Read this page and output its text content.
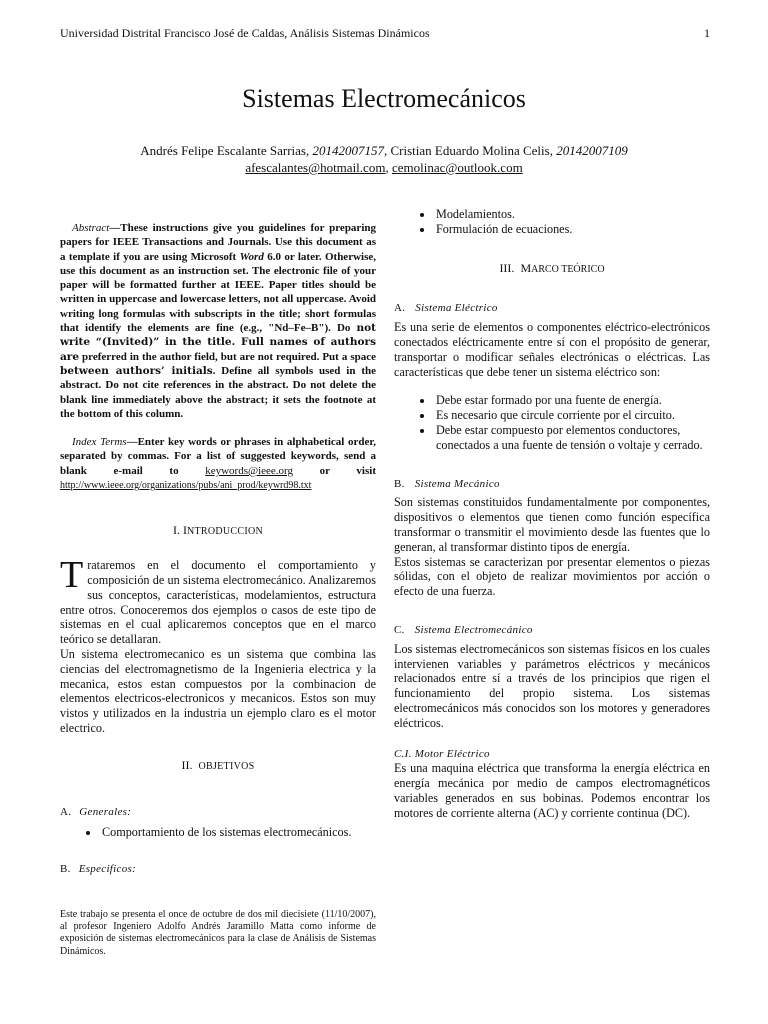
Universidad Distrital Francisco José de Caldas, Análisis Sistemas Dinámicos	1
Sistemas Electromecánicos
Andrés Felipe Escalante Sarrias, 20142007157, Cristian Eduardo Molina Celis, 20142007109
afescalantes@hotmail.com, cemolinac@outlook.com
Abstract—These instructions give you guidelines for preparing papers for IEEE Transactions and Journals. Use this document as a template if you are using Microsoft Word 6.0 or later. Otherwise, use this document as an instruction set. The electronic file of your paper will be formatted further at IEEE. Paper titles should be written in uppercase and lowercase letters, not all uppercase. Avoid writing long formulas with subscripts in the title; short formulas that identify the elements are fine (e.g., "Nd–Fe–B"). Do not write “(Invited)” in the title. Full names of authors are preferred in the author field, but are not required. Put a space between authors’ initials. Define all symbols used in the abstract. Do not cite references in the abstract. Do not delete the blank line immediately above the abstract; it sets the footnote at the bottom of this column.
Index Terms—Enter key words or phrases in alphabetical order, separated by commas. For a list of suggested keywords, send a blank e-mail to keywords@ieee.org or visit http://www.ieee.org/organizations/pubs/ani_prod/keywrd98.txt
I. INTRODUCCION
Trataremos en el documento el comportamiento y composición de un sistema electromecánico. Analizaremos sus conceptos, características, modelamientos, estructura entre otros. Conoceremos dos ejemplos o casos de este tipo de sistemas en el cual aplicaremos conceptos que en el marco teórico se detallaran.

Un sistema electromecanico es un sistema que combina las ciencias del electromagnetismo de la Ingenieria electrica y la mecanica, estos estan compuestos por la combinacion de elementos electricos-electronicos y mecanicos. Estos son muy vistos y utilizados en la industria un ejemplo claro es el motor electrico.

II. OBJETIVOS
A. Generales:
• Comportamiento de los sistemas electromecánicos.
B. Especificos:
Este trabajo se presenta el once de octubre de dos mil diecisiete (11/10/2007), al profesor Ingeniero Adolfo Andrés Jaramillo Matta como informe de exposición de sistemas electromecánicos para la clase de Análisis de Sistemas Dinámicos.
• Modelamientos.
• Formulación de ecuaciones.
III. MARCO TEÓRICO
A. Sistema Eléctrico

Es una serie de elementos o componentes eléctrico-electrónicos conectados eléctricamente entre sí con el propósito de generar, transportar o modificar señales electrónicas o eléctricas. Las características que debe tener un sistema eléctrico son:

• Debe estar formado por una fuente de energía.
• Es necesario que circule corriente por el circuito.
• Debe estar compuesto por elementos conductores, conectados a una fuente de tensión o voltaje y cerrado.
B. Sistema Mecánico

Son sistemas constituidos fundamentalmente por componentes, dispositivos o elementos que tienen como función específica transformar o transmitir el movimiento desde las fuentes que lo generan, al transformar distinto tipos de energía.

Estos sistemas se caracterizan por presentar elementos o piezas sólidas, con el objeto de realizar movimientos por acción o efecto de una fuerza.

C. Sistema Electromecánico

Los sistemas electromecánicos son sistemas físicos en los cuales intervienen variables y parámetros eléctricos y mecánicos relacionados entre sí a través de los principios que rigen el funcionamiento del propio sistema. Los sistemas electromecánicos más conocidos son los motores y generadores eléctricos.

C.I. Motor Eléctrico

Es una maquina eléctrica que transforma la energía eléctrica en energía mecánica por medio de campos electromagnéticos variables generados en sus bobinas. Podemos encontrar los motores de corriente alterna (AC) y corriente continua (DC).
